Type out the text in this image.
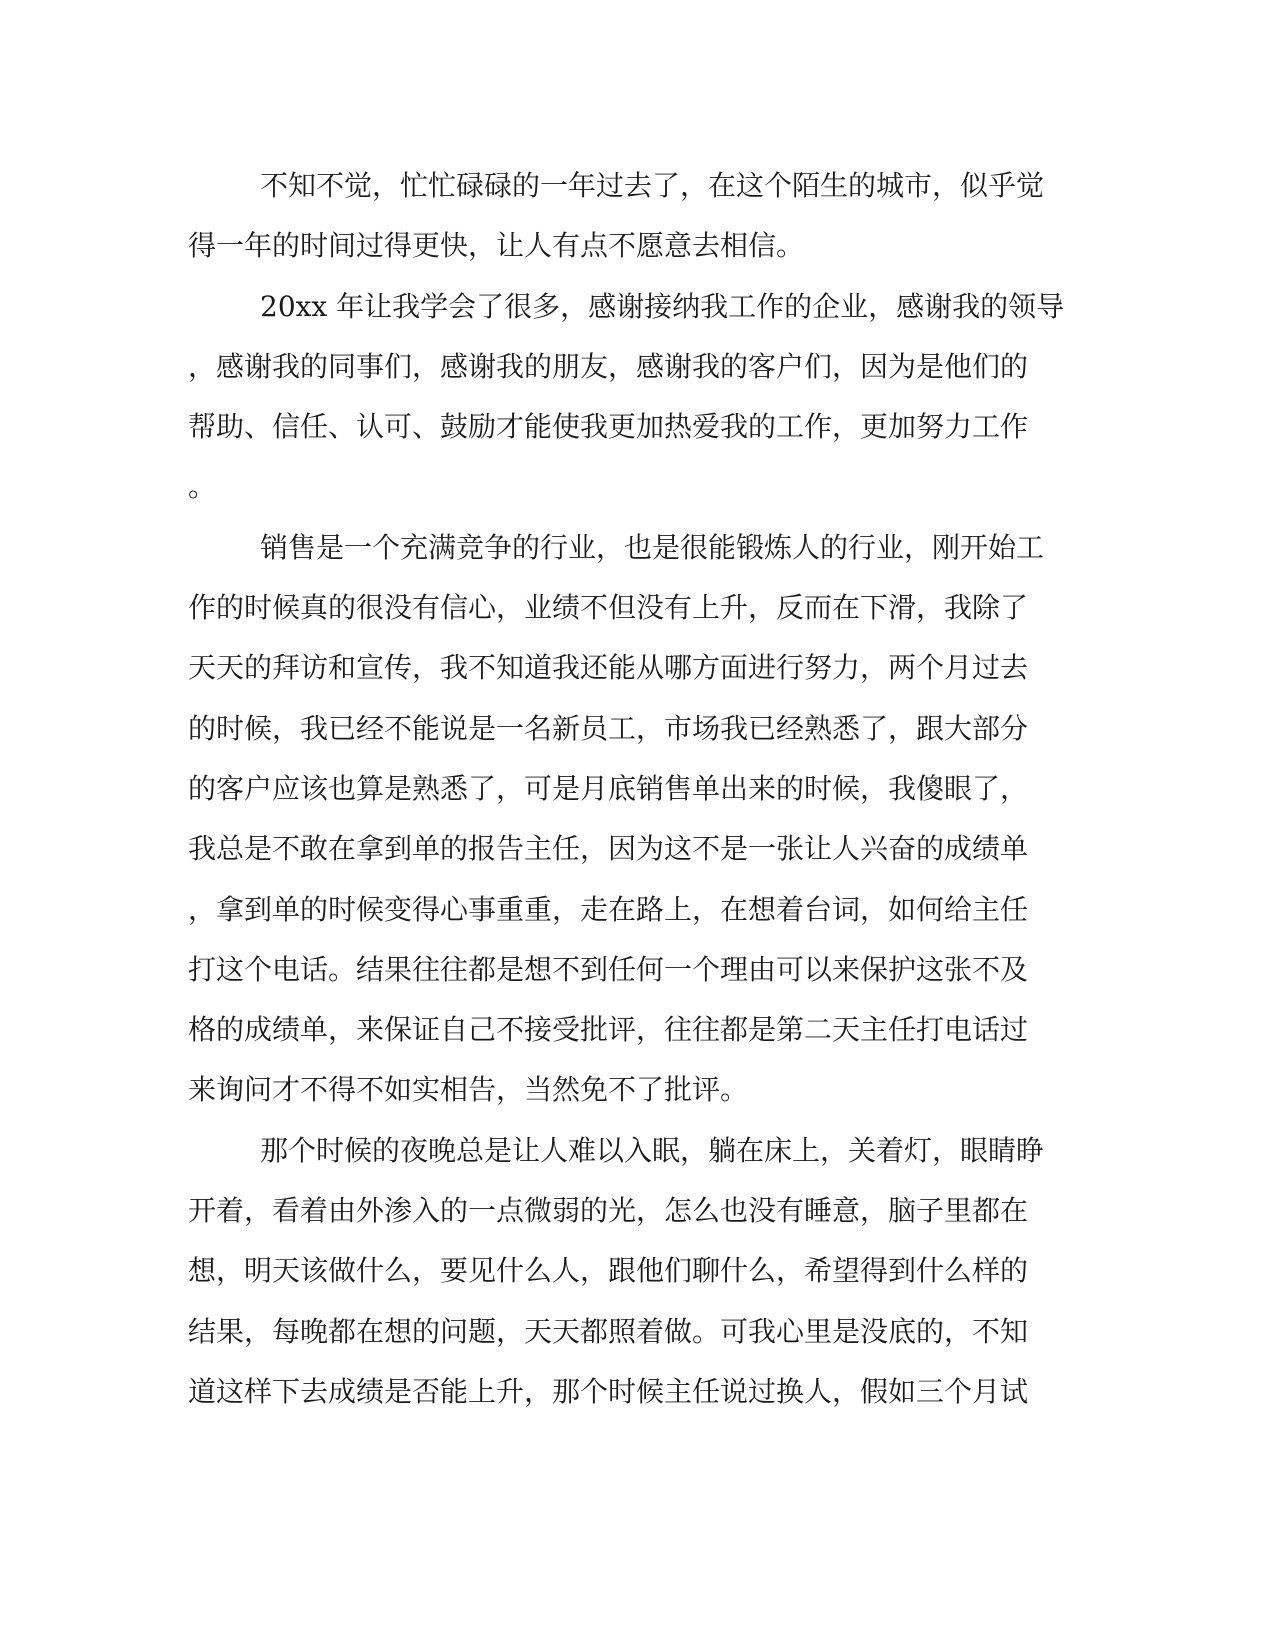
不知不觉，忙忙碌碌的一年过去了，在这个陌生的城市，似乎觉
得一年的时间过得更快，让人有点不愿意去相信。
20xx 年让我学会了很多，感谢接纳我工作的企业，感谢我的领导
，感谢我的同事们，感谢我的朋友，感谢我的客户们，因为是他们的
帮助、信任、认可、鼓励才能使我更加热爱我的工作，更加努力工作
。
销售是一个充满竞争的行业，也是很能锻炼人的行业，刚开始工
作的时候真的很没有信心，业绩不但没有上升，反而在下滑，我除了
天天的拜访和宣传，我不知道我还能从哪方面进行努力，两个月过去
的时候，我已经不能说是一名新员工，市场我已经熟悉了，跟大部分
的客户应该也算是熟悉了，可是月底销售单出来的时候，我傻眼了，
我总是不敢在拿到单的报告主任，因为这不是一张让人兴奋的成绩单
，拿到单的时候变得心事重重，走在路上，在想着台词，如何给主任
打这个电话。结果往往都是想不到任何一个理由可以来保护这张不及
格的成绩单，来保证自己不接受批评，往往都是第二天主任打电话过
来询问才不得不如实相告，当然免不了批评。
那个时候的夜晚总是让人难以入眠，躺在床上，关着灯，眼睛睁
开着，看着由外渗入的一点微弱的光，怎么也没有睡意，脑子里都在
想，明天该做什么，要见什么人，跟他们聊什么，希望得到什么样的
结果，每晚都在想的问题，天天都照着做。可我心里是没底的，不知
道这样下去成绩是否能上升，那个时候主任说过换人，假如三个月试
